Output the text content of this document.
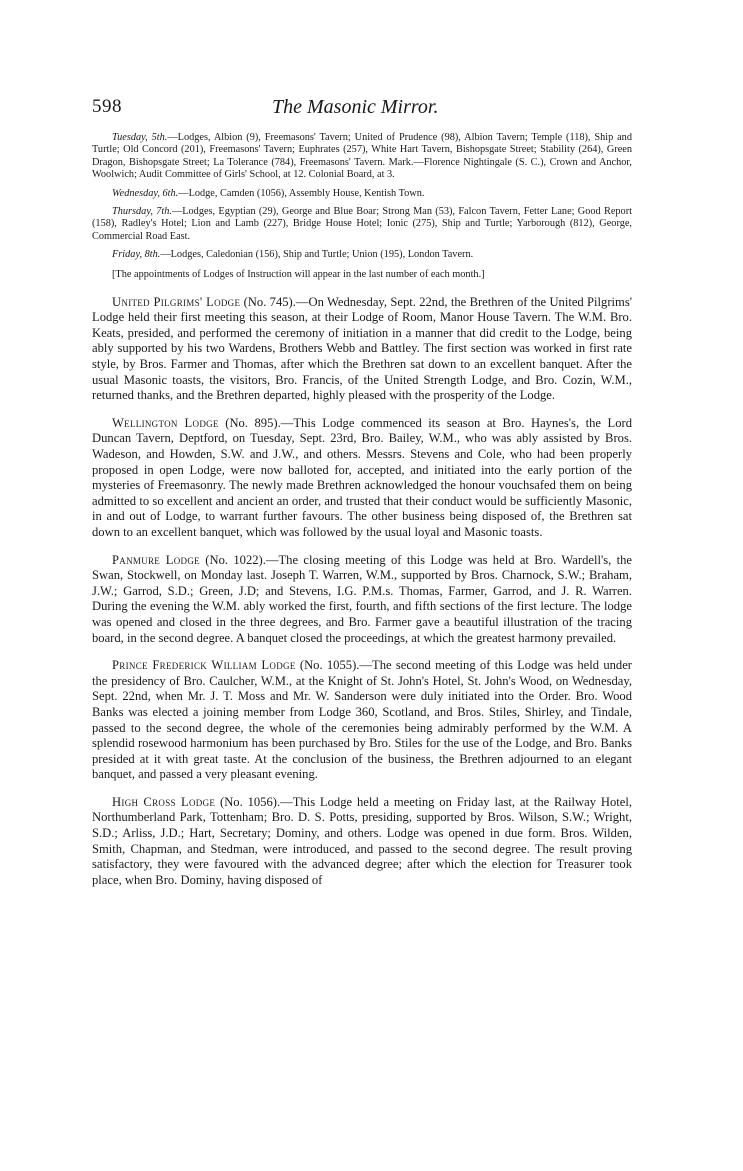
598	The Masonic Mirror.

Tuesday, 5th.—Lodges, Albion (9), Freemasons' Tavern; United of Prudence (98), Albion Tavern; Temple (118), Ship and Turtle; Old Concord (201), Freemasons' Tavern; Euphrates (257), White Hart Tavern, Bishopsgate Street; Stability (264), Green Dragon, Bishopsgate Street; La Tolerance (784), Freemasons' Tavern. Mark.—Florence Nightingale (S. C.), Crown and Anchor, Woolwich; Audit Committee of Girls' School, at 12. Colonial Board, at 3.

Wednesday, 6th.—Lodge, Camden (1056), Assembly House, Kentish Town.

Thursday, 7th.—Lodges, Egyptian (29), George and Blue Boar; Strong Man (53), Falcon Tavern, Fetter Lane; Good Report (158), Radley's Hotel; Lion and Lamb (227), Bridge House Hotel; Ionic (275), Ship and Turtle; Yarborough (812), George, Commercial Road East.

Friday, 8th.—Lodges, Caledonian (156), Ship and Turtle; Union (195), London Tavern.

[The appointments of Lodges of Instruction will appear in the last number of each month.]

United Pilgrims' Lodge (No. 745).—On Wednesday, Sept. 22nd, the Brethren of the United Pilgrims' Lodge held their first meeting this season, at their Lodge of Room, Manor House Tavern. The W.M. Bro. Keats, presided, and performed the ceremony of initiation in a manner that did credit to the Lodge, being ably supported by his two Wardens, Brothers Webb and Battley. The first section was worked in first rate style, by Bros. Farmer and Thomas, after which the Brethren sat down to an excellent banquet. After the usual Masonic toasts, the visitors, Bro. Francis, of the United Strength Lodge, and Bro. Cozin, W.M., returned thanks, and the Brethren departed, highly pleased with the prosperity of the Lodge.

Wellington Lodge (No. 895).—This Lodge commenced its season at Bro. Haynes's, the Lord Duncan Tavern, Deptford, on Tuesday, Sept. 23rd, Bro. Bailey, W.M., who was ably assisted by Bros. Wadeson, and Howden, S.W. and J.W., and others. Messrs. Stevens and Cole, who had been properly proposed in open Lodge, were now balloted for, accepted, and initiated into the early portion of the mysteries of Freemasonry. The newly made Brethren acknowledged the honour vouchsafed them on being admitted to so excellent and ancient an order, and trusted that their conduct would be sufficiently Masonic, in and out of Lodge, to warrant further favours. The other business being disposed of, the Brethren sat down to an excellent banquet, which was followed by the usual loyal and Masonic toasts.

Panmure Lodge (No. 1022).—The closing meeting of this Lodge was held at Bro. Wardell's, the Swan, Stockwell, on Monday last. Joseph T. Warren, W.M., supported by Bros. Charnock, S.W.; Braham, J.W.; Garrod, S.D.; Green, J.D; and Stevens, I.G. P.M.s. Thomas, Farmer, Garrod, and J. R. Warren. During the evening the W.M. ably worked the first, fourth, and fifth sections of the first lecture. The lodge was opened and closed in the three degrees, and Bro. Farmer gave a beautiful illustration of the tracing board, in the second degree. A banquet closed the proceedings, at which the greatest harmony prevailed.

Prince Frederick William Lodge (No. 1055).—The second meeting of this Lodge was held under the presidency of Bro. Caulcher, W.M., at the Knight of St. John's Hotel, St. John's Wood, on Wednesday, Sept. 22nd, when Mr. J. T. Moss and Mr. W. Sanderson were duly initiated into the Order. Bro. Wood Banks was elected a joining member from Lodge 360, Scotland, and Bros. Stiles, Shirley, and Tindale, passed to the second degree, the whole of the ceremonies being admirably performed by the W.M. A splendid rosewood harmonium has been purchased by Bro. Stiles for the use of the Lodge, and Bro. Banks presided at it with great taste. At the conclusion of the business, the Brethren adjourned to an elegant banquet, and passed a very pleasant evening.

High Cross Lodge (No. 1056).—This Lodge held a meeting on Friday last, at the Railway Hotel, Northumberland Park, Tottenham; Bro. D. S. Potts, presiding, supported by Bros. Wilson, S.W.; Wright, S.D.; Arliss, J.D.; Hart, Secretary; Dominy, and others. Lodge was opened in due form. Bros. Wilden, Smith, Chapman, and Stedman, were introduced, and passed to the second degree. The result proving satisfactory, they were favoured with the advanced degree; after which the election for Treasurer took place, when Bro. Dominy, having disposed of
